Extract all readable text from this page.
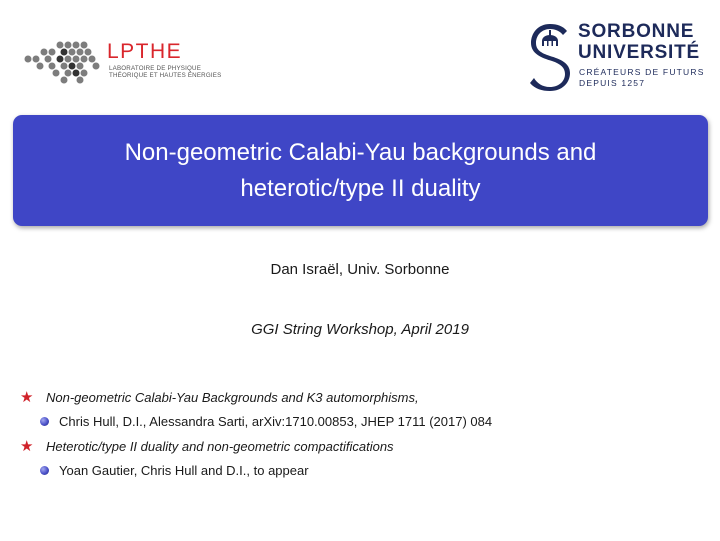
LPTHE
LABORATOIRE DE PHYSIQUE
THÉORIQUE ET HAUTES ÉNERGIES
SORBONNE
UNIVERSITÉ
CRÉATEURS DE FUTURS
DEPUIS 1257
Non-geometric Calabi-Yau backgrounds and heterotic/type II duality
Dan Israël, Univ. Sorbonne
GGI String Workshop, April 2019
★ Non-geometric Calabi-Yau Backgrounds and K3 automorphisms,
Chris Hull, D.I., Alessandra Sarti, arXiv:1710.00853, JHEP 1711 (2017) 084
★ Heterotic/type II duality and non-geometric compactifications
Yoan Gautier, Chris Hull and D.I., to appear
